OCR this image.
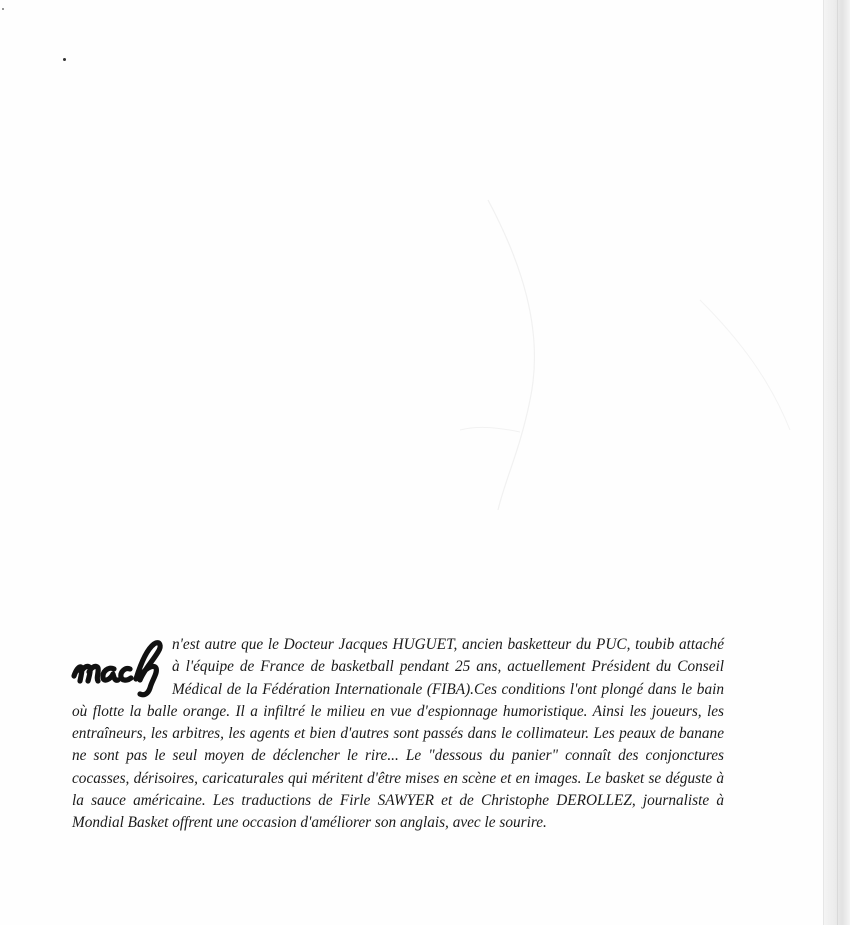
n'est autre que le Docteur Jacques HUGUET, ancien basketteur du PUC, toubib attaché à l'équipe de France de basketball pendant 25 ans, actuellement Président du Conseil Médical de la Fédération Internationale (FIBA).Ces conditions l'ont plongé dans le bain où flotte la balle orange. Il a infiltré le milieu en vue d'espionnage humoristique. Ainsi les joueurs, les entraîneurs, les arbitres, les agents et bien d'autres sont passés dans le collimateur. Les peaux de banane ne sont pas le seul moyen de déclencher le rire... Le "dessous du panier" connaît des conjonctures cocasses, dérisoires, caricaturales qui méritent d'être mises en scène et en images. Le basket se déguste à la sauce américaine. Les traductions de Firle SAWYER et de Christophe DEROLLEZ, journaliste à Mondial Basket offrent une occasion d'améliorer son anglais, avec le sourire.
